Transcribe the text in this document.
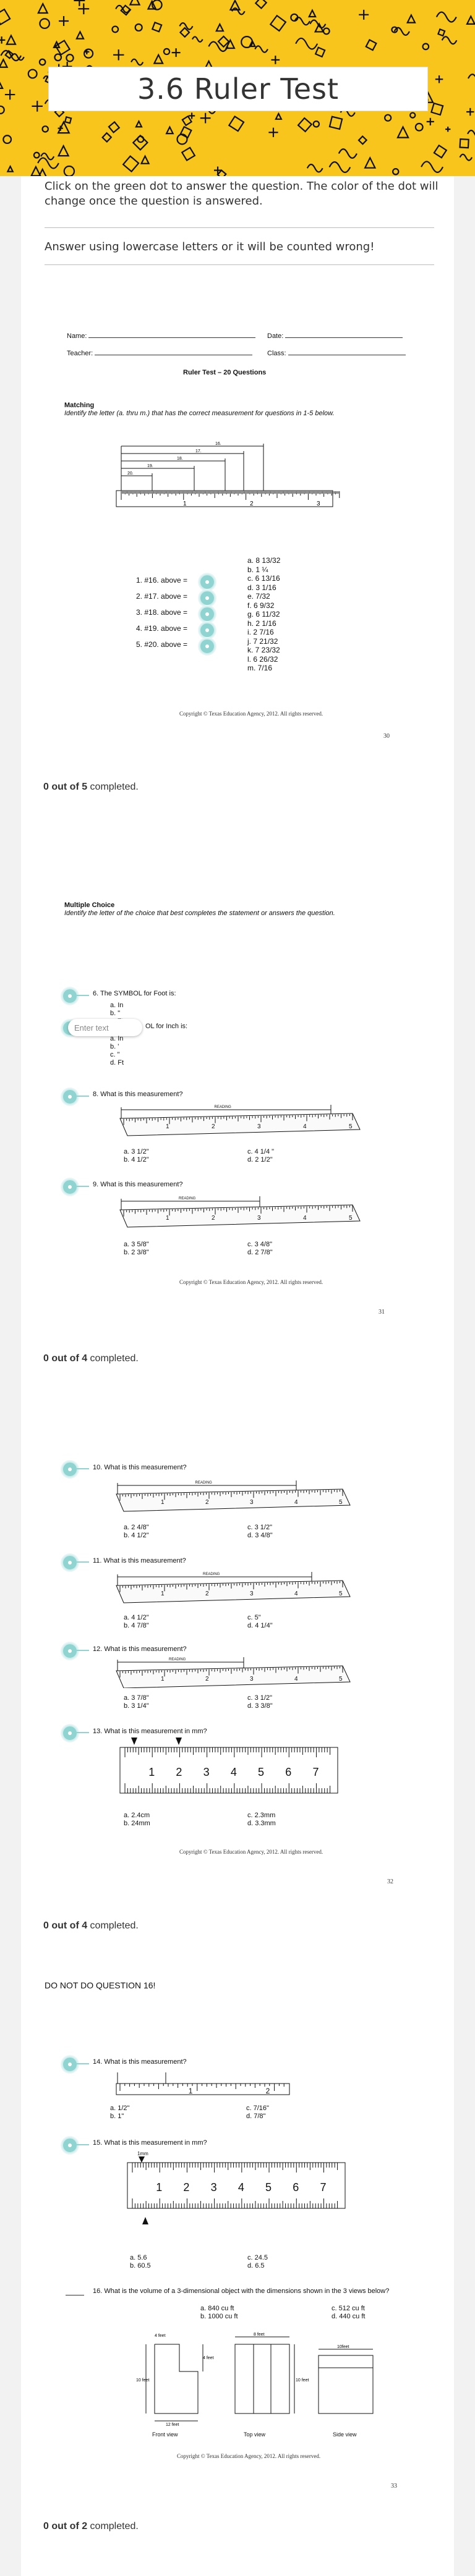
3.6 Ruler Test
Click on the green dot to answer the question. The color of the dot will change once the question is answered.
Answer using lowercase letters or it will be counted wrong!
Name:	Date:
Teacher:	Class:
Ruler Test – 20 Questions
Matching
Identify the letter (a. thru m.) that has the correct measurement for questions in 1-5 below.
16.
17.
18.
19.
20.
1	2	3
1. #16. above =
2. #17. above =
3. #18. above =
4. #19. above =
5. #20. above =
a. 8 13/32
b. 1 ¼
c. 6 13/16
d. 3 1/16
e. 7/32
f. 6 9/32
g. 6 11/32
h. 2 1/16
i. 2 7/16
j. 7 21/32
k. 7 23/32
l. 6 26/32
m. 7/16
Copyright © Texas Education Agency, 2012. All rights reserved.
30
0 out of 5 completed.
Multiple Choice
Identify the letter of the choice that best completes the statement or answers the question.
6. The SYMBOL for Foot is:
a. In
b. "
Enter text	OL for Inch is:
a. In
b. '
c. "
d. Ft
8. What is this measurement?
READING
1	2	3	4	5
a. 3 1/2"
b. 4 1/2"
c. 4 1/4 "
d. 2 1/2"
9. What is this measurement?
READING
1	2	3	4	5
a. 3 5/8"
b. 2 3/8"
c. 3 4/8"
d. 2 7/8"
Copyright © Texas Education Agency, 2012. All rights reserved.
31
0 out of 4 completed.
10. What is this measurement?
READING
1	2	3	4	5
a. 2 4/8"
b. 4 1/2"
c. 3 1/2"
d. 3 4/8"
11. What is this measurement?
READING
1	2	3	4	5
a. 4 1/2"
b. 4 7/8"
c. 5"
d. 4 1/4"
12. What is this measurement?
READING
1	2	3	4	5
a. 3 7/8"
b. 3 1/4"
c. 3 1/2"
d. 3 3/8"
13. What is this measurement in mm?
1 2 3 4 5 6 7
a. 2.4cm
b. 24mm
c. 2.3mm
d. 3.3mm
Copyright © Texas Education Agency, 2012. All rights reserved.
32
0 out of 4 completed.
DO NOT DO QUESTION 16!
14. What is this measurement?
1	2
a. 1/2"
b. 1"
c. 7/16"
d. 7/8"
15. What is this measurement in mm?
1 2 3 4 5 6 7
1mm
a. 5.6
b. 60.5
c. 24.5
d. 6.5
16. What is the volume of a 3-dimensional object with the dimensions shown in the 3 views below?
a. 840 cu ft
b. 1000 cu ft
c. 512 cu ft
d. 440 cu ft
8 feet
4 feet
10 feet	10 feet
10feet
12 feet
4 feet
Front view	Top view	Side view
Copyright © Texas Education Agency, 2012. All rights reserved.
33
0 out of 2 completed.
